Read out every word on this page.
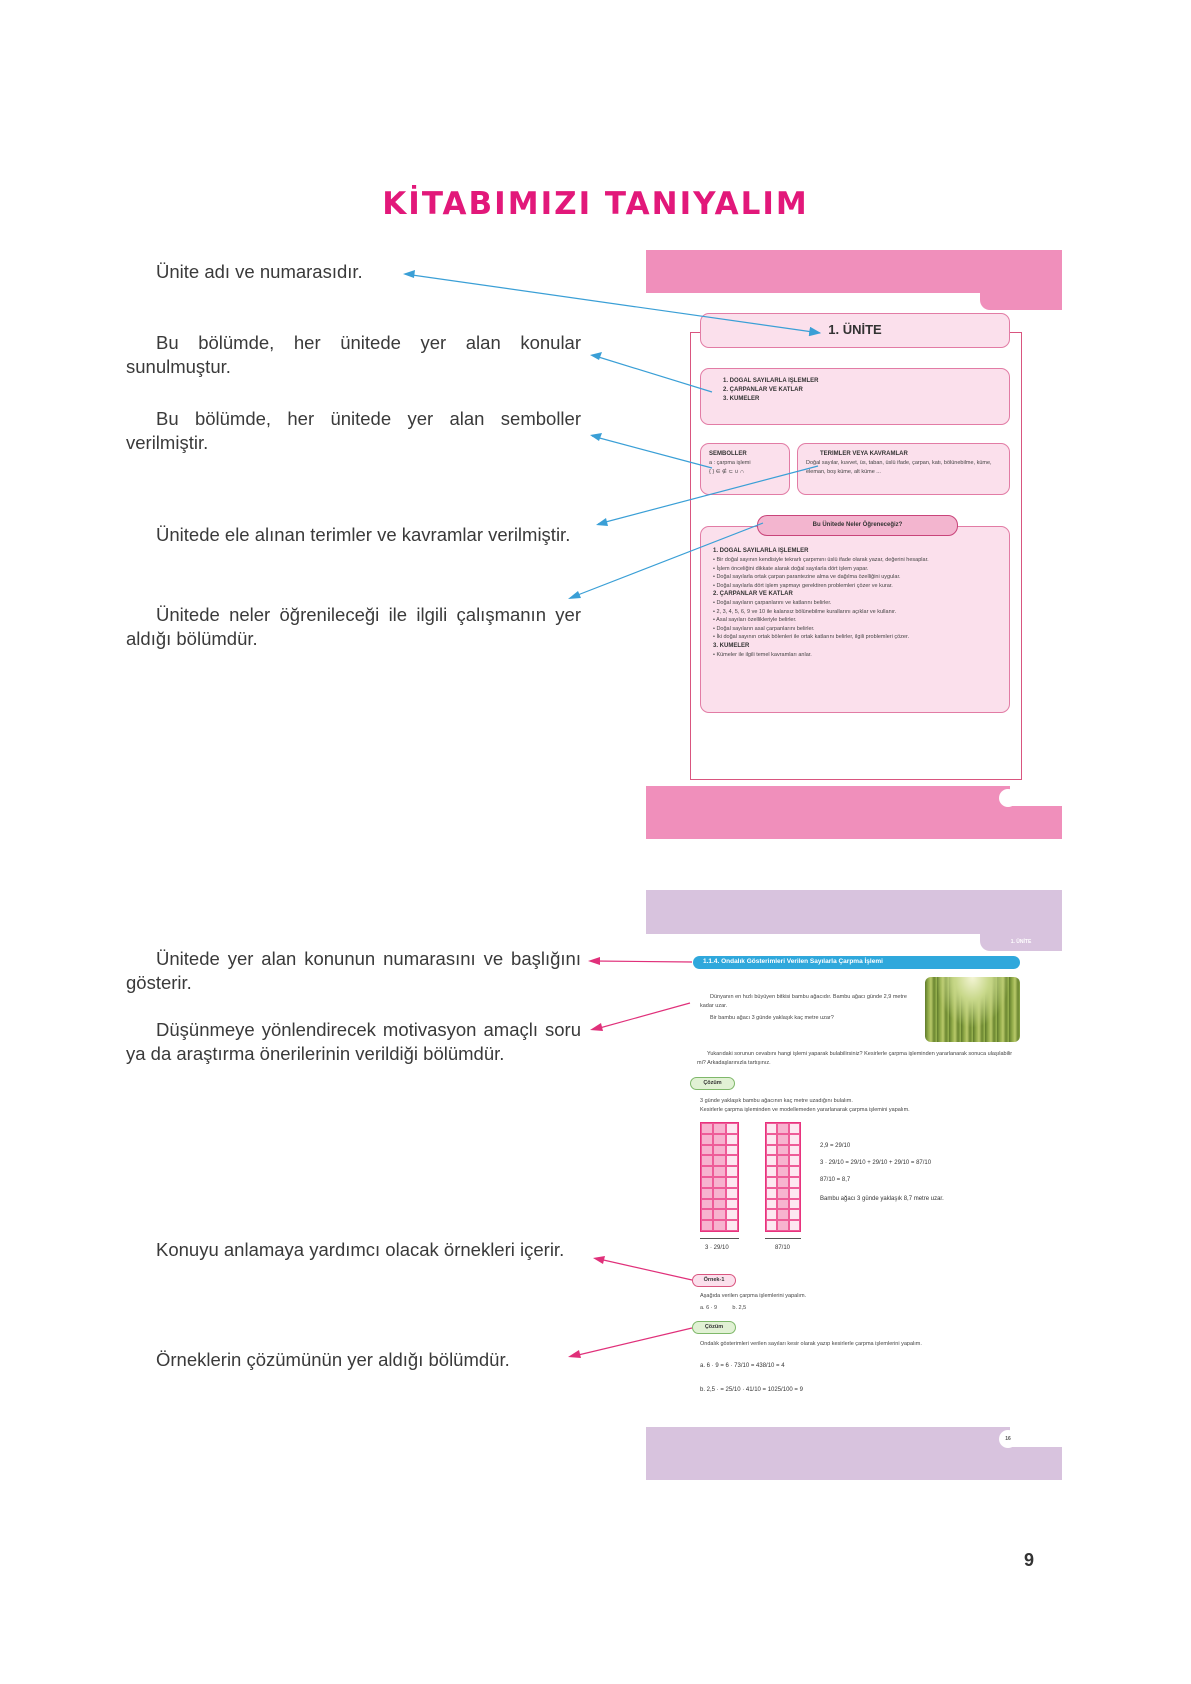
KİTABIMIZI TANIYALIM
Ünite adı ve numarasıdır.
Bu bölümde, her ünitede yer alan konular sunulmuştur.
Bu bölümde, her ünitede yer alan semboller verilmiştir.
Ünitede ele alınan terimler ve kavramlar verilmiştir.
Ünitede neler öğrenileceği ile ilgili çalışmanın yer aldığı bölümdür.
Ünitede yer alan konunun numarasını ve başlığını gösterir.
Düşünmeye yönlendirecek motivasyon amaçlı soru ya da araştırma önerilerinin verildiği bölümdür.
Konuyu anlamaya yardımcı olacak örnekleri içerir.
Örneklerin çözümünün yer aldığı bölümdür.
1. ÜNİTE
1. DOĞAL SAYILARLA İŞLEMLER
2. ÇARPANLAR VE KATLAR
3. KÜMELER
SEMBOLLER
a : çarpma işlemi
{ } ∈ ∉ ⊂ ∪ ∩
TERİMLER VEYA KAVRAMLAR
Doğal sayılar, kuvvet, üs, taban, üslü ifade, çarpan, katı, bölünebilme, küme, eleman, boş küme, alt küme ...
1. DOĞAL SAYILARLA İŞLEMLER
• Bir doğal sayının kendisiyle tekrarlı çarpımını üslü ifade olarak yazar, değerini hesaplar.
• İşlem önceliğini dikkate alarak doğal sayılarla dört işlem yapar.
• Doğal sayılarla ortak çarpan parantezine alma ve dağılma özelliğini uygular.
• Doğal sayılarla dört işlem yapmayı gerektiren problemleri çözer ve kurar.
2. ÇARPANLAR VE KATLAR
• Doğal sayıların çarpanlarını ve katlarını belirler.
• 2, 3, 4, 5, 6, 9 ve 10 ile kalansız bölünebilme kurallarını açıklar ve kullanır.
• Asal sayıları özellikleriyle belirler.
• Doğal sayıların asal çarpanlarını belirler.
• İki doğal sayının ortak bölenleri ile ortak katlarını belirler, ilgili problemleri çözer.
3. KÜMELER
• Kümeler ile ilgili temel kavramları anlar.
Bu Ünitede Neler Öğreneceğiz?
1. ÜNİTE
1.1.4. Ondalık Gösterimleri Verilen Sayılarla Çarpma İşlemi
Dünyanın en hızlı büyüyen bitkisi bambu ağacıdır. Bambu ağacı günde 2,9 metre kadar uzar.
Bir bambu ağacı 3 günde yaklaşık kaç metre uzar?
Yukarıdaki sorunun cevabını hangi işlemi yaparak bulabilirsiniz? Kesirlerle çarpma işleminden yararlanarak sonuca ulaşılabilir mi? Arkadaşlarınızla tartışınız.
Çözüm
3 günde yaklaşık bambu ağacının kaç metre uzadığını bulalım.
Kesirlerle çarpma işleminden ve modellemeden yararlanarak çarpma işlemini yapalım.
3 · 29/10	87/10
2,9 = 29/10
3 · 29/10 = 29/10 + 29/10 + 29/10 = 87/10
87/10 = 8,7
Bambu ağacı 3 günde yaklaşık 8,7 metre uzar.
Örnek-1
Aşağıda verilen çarpma işlemlerini yapalım.
a. 6 · 9          b. 2,5
Çözüm
Ondalık gösterimleri verilen sayıları kesir olarak yazıp kesirlerle çarpma işlemlerini yapalım.
a. 6 · 9 = 6 · 73/10 = 438/10 = 4
b. 2,5 · = 25/10 · 41/10 = 1025/100 = 9
16
9
